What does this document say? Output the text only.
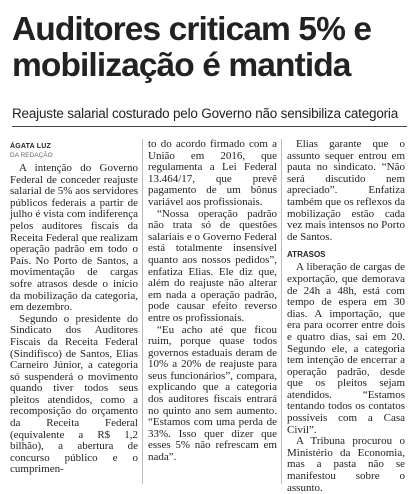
Auditores criticam 5% e
mobilização é mantida
Reajuste salarial costurado pelo Governo não sensibiliza categoria
ÁGATA LUZ
DA REDAÇÃO

A intenção do Governo Federal de conceder reajuste salarial de 5% aos servidores públicos federais a partir de julho é vista com indiferença pelos auditores fiscais da Receita Federal que realizam operação padrão em todo o País. No Porto de Santos, a movimentação de cargas sofre atrasos desde o início da mobilização da categoria, em dezembro.

Segundo o presidente do Sindicato dos Auditores Fiscais da Receita Federal (Sindifisco) de Santos, Elias Carneiro Júnior, a categoria só suspenderá o movimento quando tiver todos seus pleitos atendidos, como a recomposição do orçamento da Receita Federal (equivalente a R$ 1,2 bilhão), a abertura de concurso público e o cumprimen-

to do acordo firmado com a União em 2016, que regulamenta a Lei Federal 13.464/17, que prevê pagamento de um bônus variável aos profissionais.

“Nossa operação padrão não trata só de questões salariais e o Governo Federal está totalmente insensível quanto aos nossos pedidos”, enfatiza Elias. Ele diz que, além do reajuste não alterar em nada a operação padrão, pode causar efeito reverso entre os profissionais.

“Eu acho até que ficou ruim, porque quase todos governos estaduais deram de 10% a 20% de reajuste para seus funcionários”, compara, explicando que a categoria dos auditores fiscais entrará no quinto ano sem aumento. “Estamos com uma perda de 33%. Isso quer dizer que esses 5% não refrescam em nada”.

Elias garante que o assunto sequer entrou em pauta no sindicato. “Não será discutido nem apreciado”. Enfatiza também que os reflexos da mobilização estão cada vez mais intensos no Porto de Santos.

ATRASOS

A liberação de cargas de exportação, que demorava de 24h a 48h, está com tempo de espera em 30 dias. A importação, que era para ocorrer entre dois e quatro dias, sai em 20. Segundo ele, a categoria tem intenção de encerrar a operação padrão, desde que os pleitos sejam atendidos. “Estamos tentando todos os contatos possíveis com a Casa Civil”.

A Tribuna procurou o Ministério da Economia, mas a pasta não se manifestou sobre o assunto.
